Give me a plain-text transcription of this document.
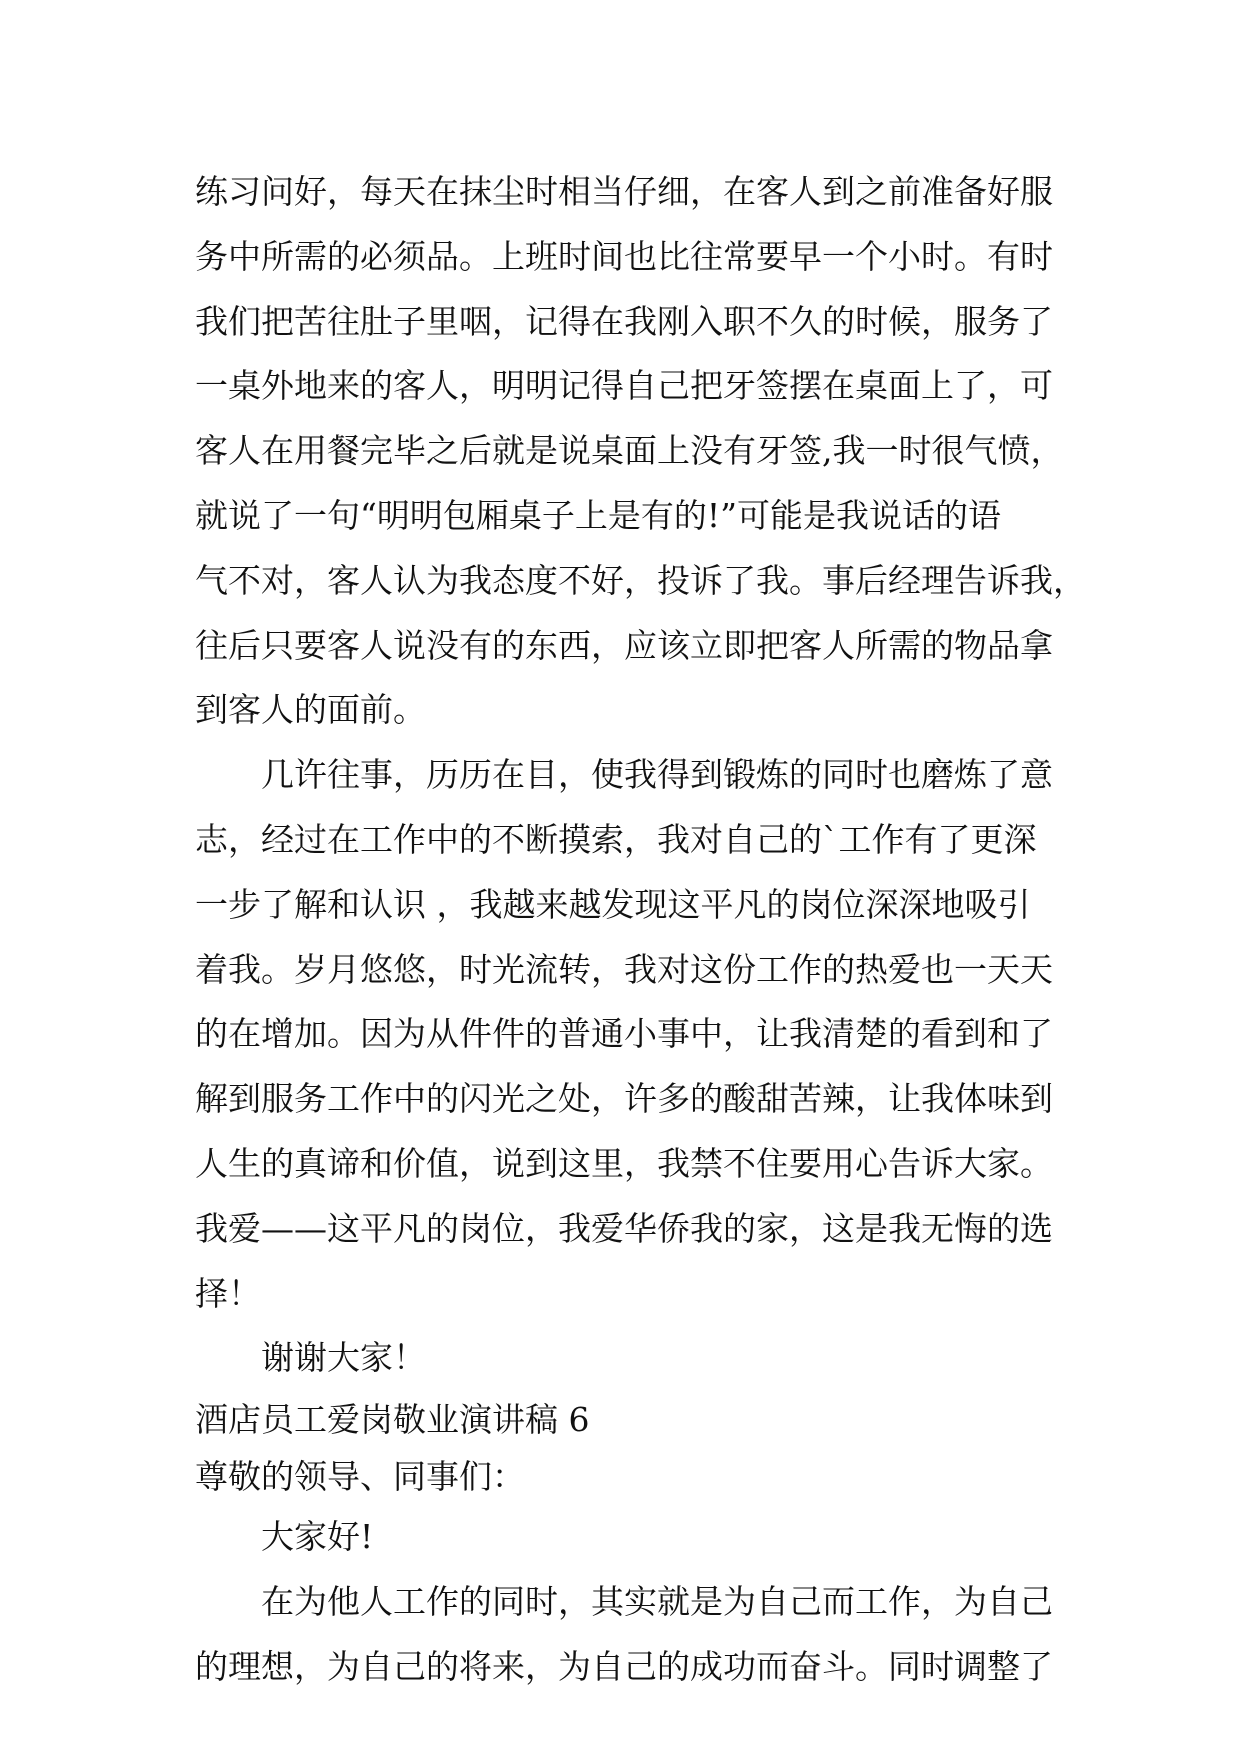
练习问好，每天在抹尘时相当仔细，在客人到之前准备好服
务中所需的必须品。上班时间也比往常要早一个小时。有时
我们把苦往肚子里咽，记得在我刚入职不久的时候，服务了
一桌外地来的客人，明明记得自己把牙签摆在桌面上了，可
客人在用餐完毕之后就是说桌面上没有牙签,我一时很气愤，
就说了一句“明明包厢桌子上是有的!”可能是我说话的语
气不对，客人认为我态度不好，投诉了我。事后经理告诉我，
往后只要客人说没有的东西，应该立即把客人所需的物品拿
到客人的面前。
几许往事，历历在目，使我得到锻炼的同时也磨炼了意
志，经过在工作中的不断摸索，我对自己的`工作有了更深
一步了解和认识 ，我越来越发现这平凡的岗位深深地吸引
着我。岁月悠悠，时光流转，我对这份工作的热爱也一天天
的在增加。因为从件件的普通小事中，让我清楚的看到和了
解到服务工作中的闪光之处，许多的酸甜苦辣，让我体味到
人生的真谛和价值，说到这里，我禁不住要用心告诉大家。
我爱——这平凡的岗位，我爱华侨我的家，这是我无悔的选
择！
谢谢大家！
酒店员工爱岗敬业演讲稿 6
尊敬的领导、同事们：
大家好!
在为他人工作的同时，其实就是为自己而工作，为自己
的理想，为自己的将来，为自己的成功而奋斗。同时调整了
